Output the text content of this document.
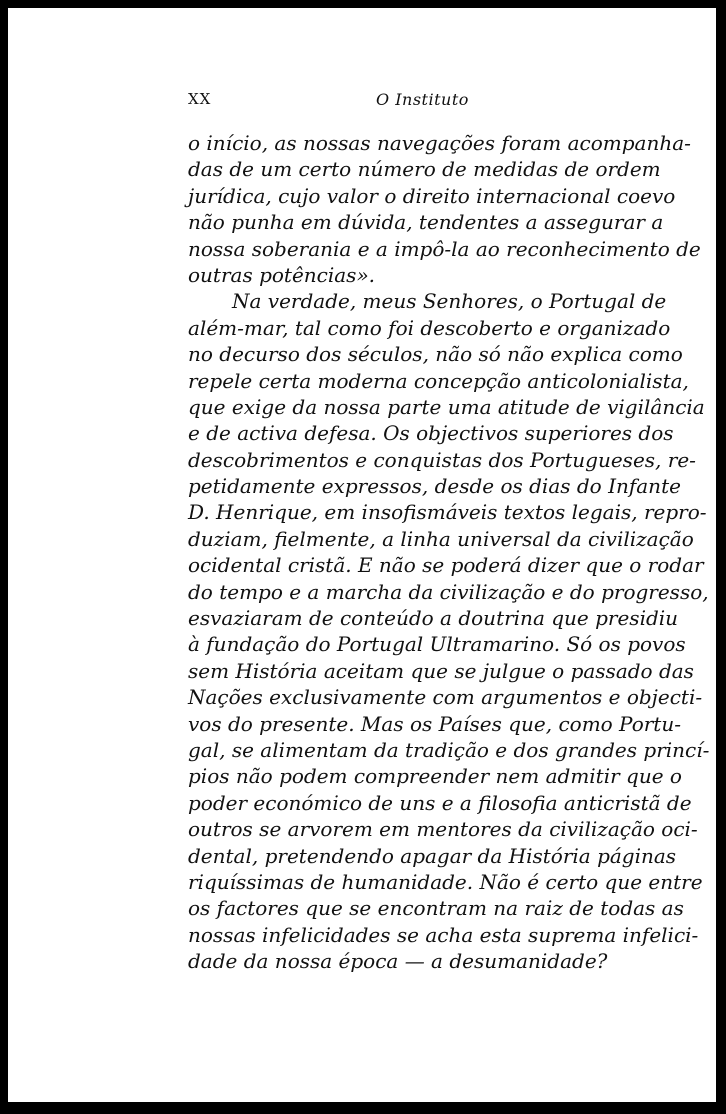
XX	O Instituto
o início, as nossas navegações foram acompanha-
das de um certo número de medidas de ordem
jurídica, cujo valor o direito internacional coevo
não punha em dúvida, tendentes a assegurar a
nossa soberania e a impô-la ao reconhecimento de
outras potências».
Na verdade, meus Senhores, o Portugal de
além-mar, tal como foi descoberto e organizado
no decurso dos séculos, não só não explica como
repele certa moderna concepção anticolonialista,
que exige da nossa parte uma atitude de vigilância
e de activa defesa. Os objectivos superiores dos
descobrimentos e conquistas dos Portugueses, re-
petidamente expressos, desde os dias do Infante
D. Henrique, em insofismáveis textos legais, repro-
duziam, fielmente, a linha universal da civilização
ocidental cristã. E não se poderá dizer que o rodar
do tempo e a marcha da civilização e do progresso,
esvaziaram de conteúdo a doutrina que presidiu
à fundação do Portugal Ultramarino. Só os povos
sem História aceitam que se julgue o passado das
Nações exclusivamente com argumentos e objecti-
vos do presente. Mas os Países que, como Portu-
gal, se alimentam da tradição e dos grandes princí-
pios não podem compreender nem admitir que o
poder económico de uns e a filosofia anticristã de
outros se arvorem em mentores da civilização oci-
dental, pretendendo apagar da História páginas
riquíssimas de humanidade. Não é certo que entre
os factores que se encontram na raiz de todas as
nossas infelicidades se acha esta suprema infelici-
dade da nossa época — a desumanidade?
